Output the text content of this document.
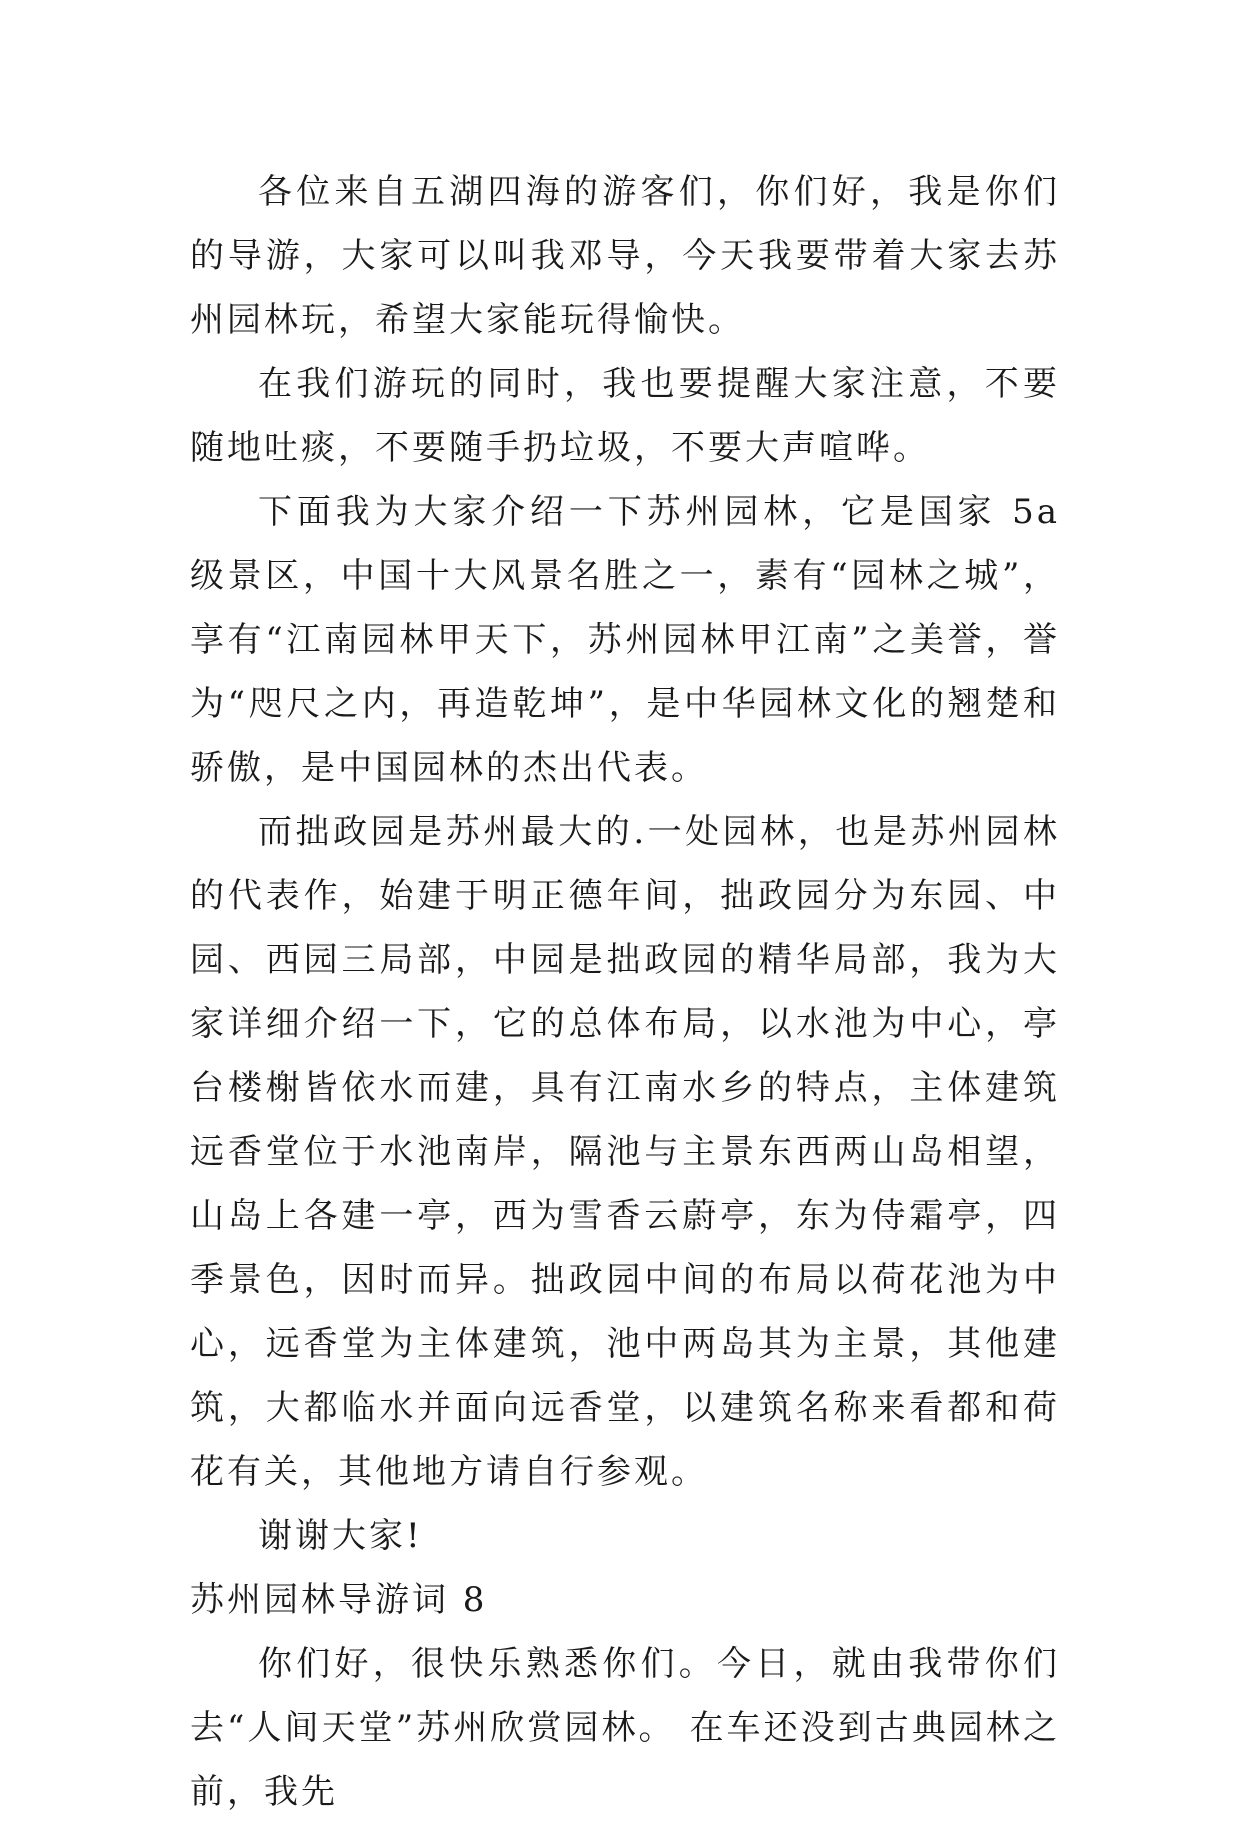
各位来自五湖四海的游客们，你们好，我是你们的导游，大家可以叫我邓导，今天我要带着大家去苏州园林玩，希望大家能玩得愉快。

在我们游玩的同时，我也要提醒大家注意，不要随地吐痰，不要随手扔垃圾，不要大声喧哗。

下面我为大家介绍一下苏州园林，它是国家 5a 级景区，中国十大风景名胜之一，素有“园林之城”，享有“江南园林甲天下，苏州园林甲江南”之美誉，誉为“咫尺之内，再造乾坤”，是中华园林文化的翘楚和骄傲，是中国园林的杰出代表。

而拙政园是苏州最大的.一处园林，也是苏州园林的代表作，始建于明正德年间，拙政园分为东园、中园、西园三局部，中园是拙政园的精华局部，我为大家详细介绍一下，它的总体布局，以水池为中心，亭台楼榭皆依水而建，具有江南水乡的特点，主体建筑远香堂位于水池南岸，隔池与主景东西两山岛相望，山岛上各建一亭，西为雪香云蔚亭，东为侍霜亭，四季景色，因时而异。拙政园中间的布局以荷花池为中心，远香堂为主体建筑，池中两岛其为主景，其他建筑，大都临水并面向远香堂，以建筑名称来看都和荷花有关，其他地方请自行参观。

谢谢大家!

苏州园林导游词 8

你们好，很快乐熟悉你们。今日，就由我带你们去“人间天堂”苏州欣赏园林。 在车还没到古典园林之前，我先
